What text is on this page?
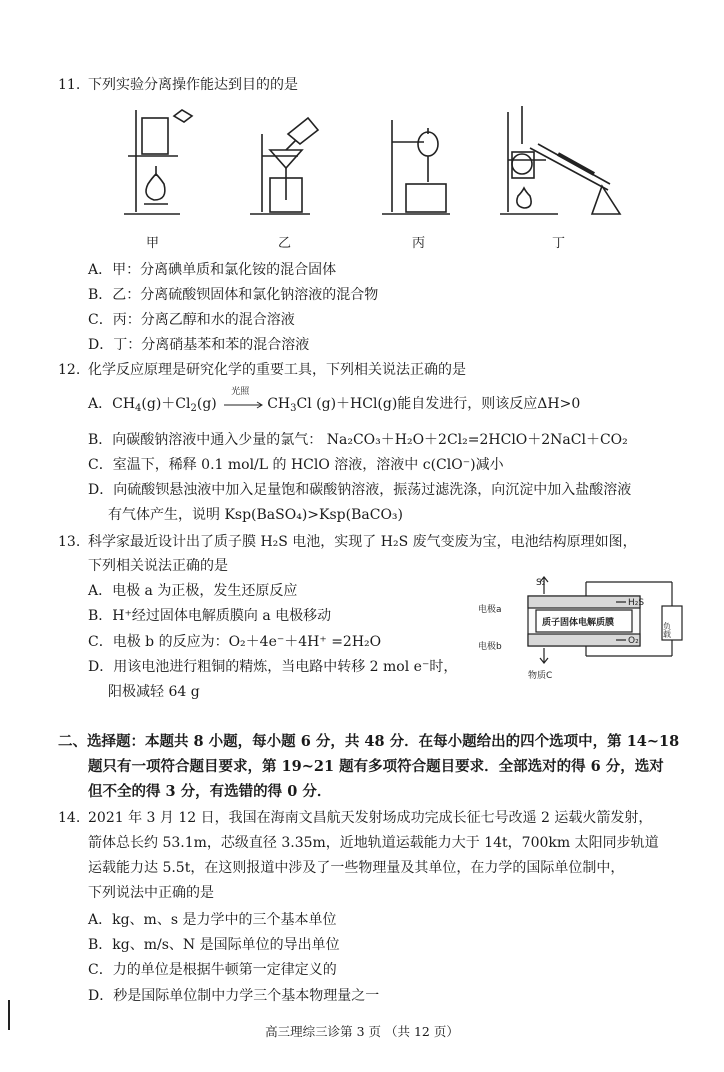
11. 下列实验分离操作能达到目的的是
甲	乙	丙	丁
A．甲：分离碘单质和氯化铵的混合固体
B．乙：分离硫酸钡固体和氯化钠溶液的混合物
C．丙：分离乙醇和水的混合溶液
D．丁：分离硝基苯和苯的混合溶液
12. 化学反应原理是研究化学的重要工具，下列相关说法正确的是
A．$CH_4(g)+Cl_2(g)$
光照
$CH_3Cl$ (g)＋HCl(g)能自发进行，则该反应ΔH>0
B．向碳酸钠溶液中通入少量的氯气： Na₂CO₃＋H₂O＋2Cl₂=2HClO＋2NaCl＋CO₂
C．室温下，稀释 0.1 mol/L 的 HClO 溶液，溶液中 c(ClO⁻)减小
D．向硫酸钡悬浊液中加入足量饱和碳酸钠溶液，振荡过滤洗涤，向沉淀中加入盐酸溶液
有气体产生，说明 Ksp(BaSO₄)>Ksp(BaCO₃)
13. 科学家最近设计出了质子膜 H₂S 电池，实现了 H₂S 废气变废为宝，电池结构原理如图，
下列相关说法正确的是
A．电极 a 为正极，发生还原反应
B．H⁺经过固体电解质膜向 a 电极移动
C．电极 b 的反应为：O₂＋4e⁻＋4H⁺ =2H₂O
D．用该电池进行粗铜的精炼，当电路中转移 2 mol e⁻时，
阳极减轻 64 g
S₂
电极a
电极b
H₂S
O₂
质子固体电解质膜	负载
物质C
二、选择题：本题共 8 小题，每小题 6 分，共 48 分．在每小题给出的四个选项中，第 14~18
题只有一项符合题目要求，第 19~21 题有多项符合题目要求．全部选对的得 6 分，选对
但不全的得 3 分，有选错的得 0 分．
14. 2021 年 3 月 12 日，我国在海南文昌航天发射场成功完成长征七号改遥 2 运载火箭发射，
箭体总长约 53.1m，芯级直径 3.35m，近地轨道运载能力大于 14t，700km 太阳同步轨道
运载能力达 5.5t，在这则报道中涉及了一些物理量及其单位，在力学的国际单位制中，
下列说法中正确的是
A．kg、m、s 是力学中的三个基本单位
B．kg、m/s、N 是国际单位的导出单位
C．力的单位是根据牛顿第一定律定义的
D．秒是国际单位制中力学三个基本物理量之一
高三理综三诊第 3 页 （共 12 页）
